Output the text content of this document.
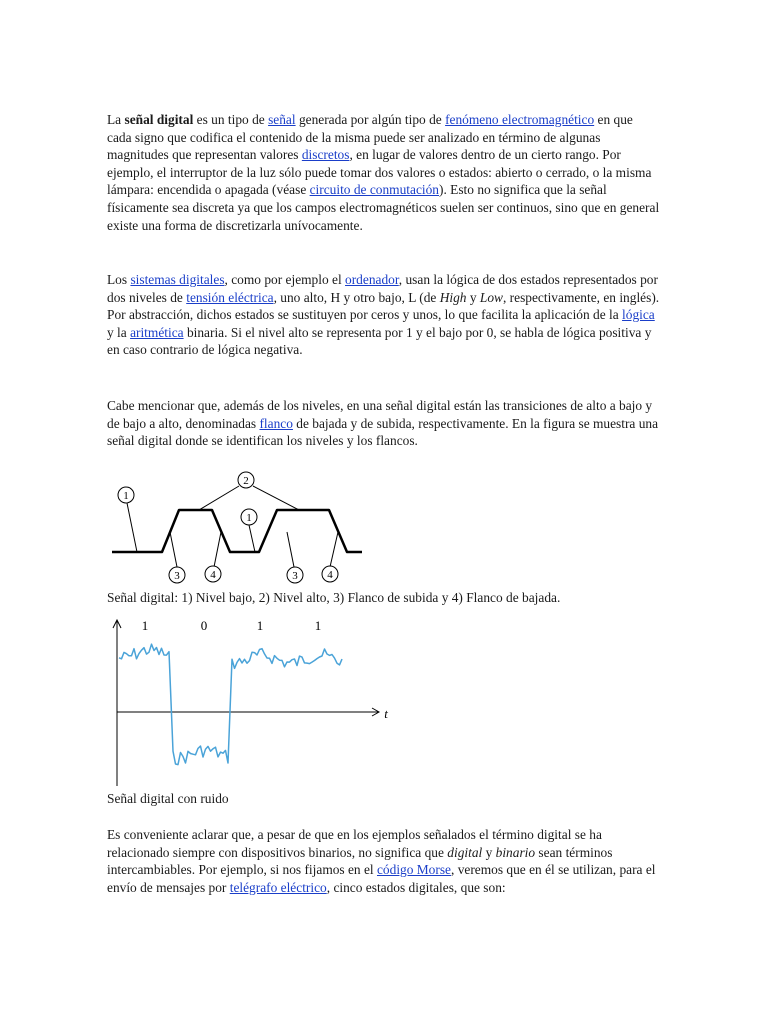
La señal digital es un tipo de señal generada por algún tipo de fenómeno electromagnético en que cada signo que codifica el contenido de la misma puede ser analizado en término de algunas magnitudes que representan valores discretos, en lugar de valores dentro de un cierto rango. Por ejemplo, el interruptor de la luz sólo puede tomar dos valores o estados: abierto o cerrado, o la misma lámpara: encendida o apagada (véase circuito de conmutación). Esto no significa que la señal físicamente sea discreta ya que los campos electromagnéticos suelen ser continuos, sino que en general existe una forma de discretizarla unívocamente.

Los sistemas digitales, como por ejemplo el ordenador, usan la lógica de dos estados representados por dos niveles de tensión eléctrica, uno alto, H y otro bajo, L (de High y Low, respectivamente, en inglés). Por abstracción, dichos estados se sustituyen por ceros y unos, lo que facilita la aplicación de la lógica y la aritmética binaria. Si el nivel alto se representa por 1 y el bajo por 0, se habla de lógica positiva y en caso contrario de lógica negativa.

Cabe mencionar que, además de los niveles, en una señal digital están las transiciones de alto a bajo y de bajo a alto, denominadas flanco de bajada y de subida, respectivamente. En la figura se muestra una señal digital donde se identifican los niveles y los flancos.

1
2
1
3	4	3	4

Señal digital: 1) Nivel bajo, 2) Nivel alto, 3) Flanco de subida y 4) Flanco de bajada.

1	0	1	1
t

Señal digital con ruido

Es conveniente aclarar que, a pesar de que en los ejemplos señalados el término digital se ha relacionado siempre con dispositivos binarios, no significa que digital y binario sean términos intercambiables. Por ejemplo, si nos fijamos en el código Morse, veremos que en él se utilizan, para el envío de mensajes por telégrafo eléctrico, cinco estados digitales, que son:
